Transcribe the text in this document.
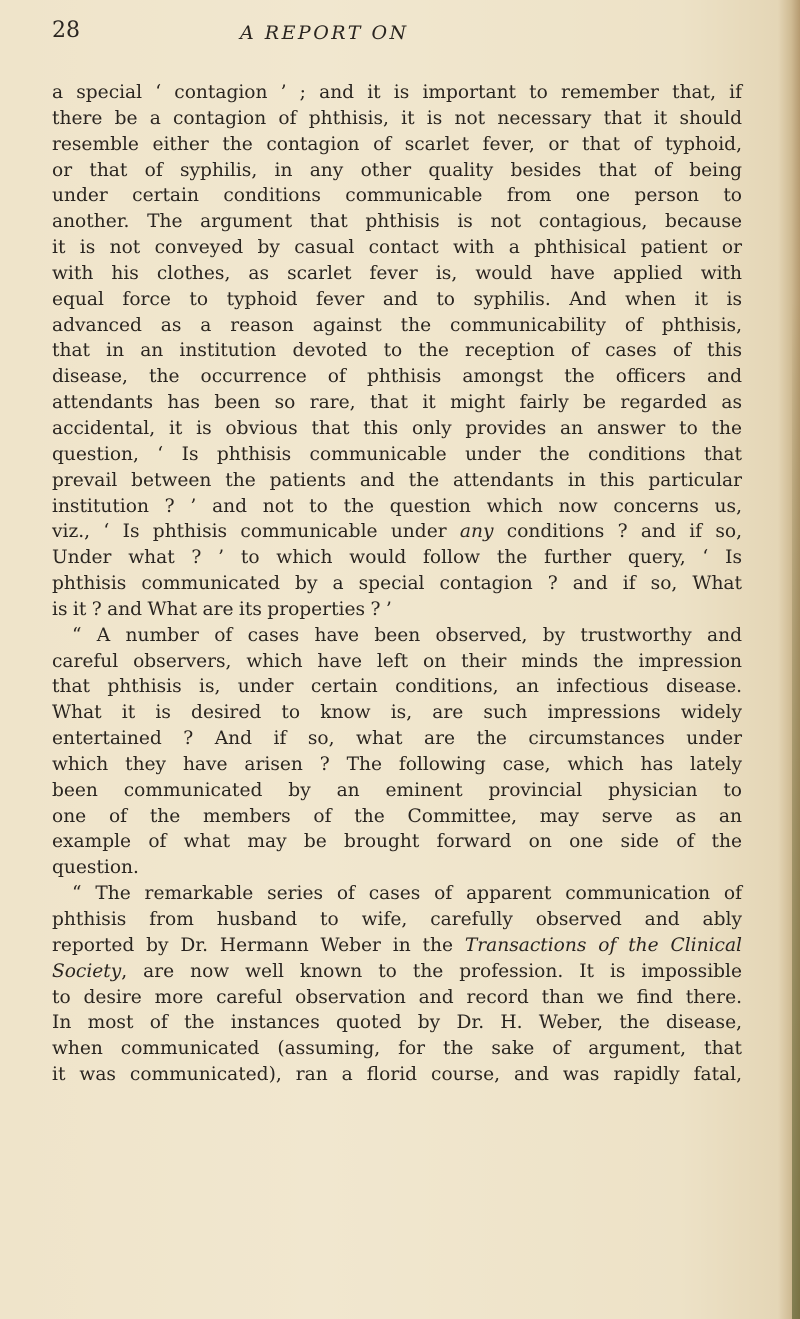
28	A REPORT ON
a special ‘ contagion ’ ; and it is important to remember that, if
there be a contagion of phthisis, it is not necessary that it should
resemble either the contagion of scarlet fever, or that of typhoid,
or that of syphilis, in any other quality besides that of being
under certain conditions communicable from one person to
another. The argument that phthisis is not contagious, because
it is not conveyed by casual contact with a phthisical patient or
with his clothes, as scarlet fever is, would have applied with
equal force to typhoid fever and to syphilis. And when it is
advanced as a reason against the communicability of phthisis,
that in an institution devoted to the reception of cases of this
disease, the occurrence of phthisis amongst the officers and
attendants has been so rare, that it might fairly be regarded as
accidental, it is obvious that this only provides an answer to the
question, ‘ Is phthisis communicable under the conditions that
prevail between the patients and the attendants in this particular
institution ? ’ and not to the question which now concerns us,
viz., ‘ Is phthisis communicable under any conditions ? and if so,
Under what ? ’ to which would follow the further query, ‘ Is
phthisis communicated by a special contagion ? and if so, What
is it ? and What are its properties ? ’
“ A number of cases have been observed, by trustworthy and
careful observers, which have left on their minds the impression
that phthisis is, under certain conditions, an infectious disease.
What it is desired to know is, are such impressions widely
entertained ? And if so, what are the circumstances under
which they have arisen ? The following case, which has lately
been communicated by an eminent provincial physician to
one of the members of the Committee, may serve as an
example of what may be brought forward on one side of the
question.
“ The remarkable series of cases of apparent communication of
phthisis from husband to wife, carefully observed and ably
reported by Dr. Hermann Weber in the Transactions of the Clinical
Society, are now well known to the profession. It is impossible
to desire more careful observation and record than we find there.
In most of the instances quoted by Dr. H. Weber, the disease,
when communicated (assuming, for the sake of argument, that
it was communicated), ran a florid course, and was rapidly fatal,
